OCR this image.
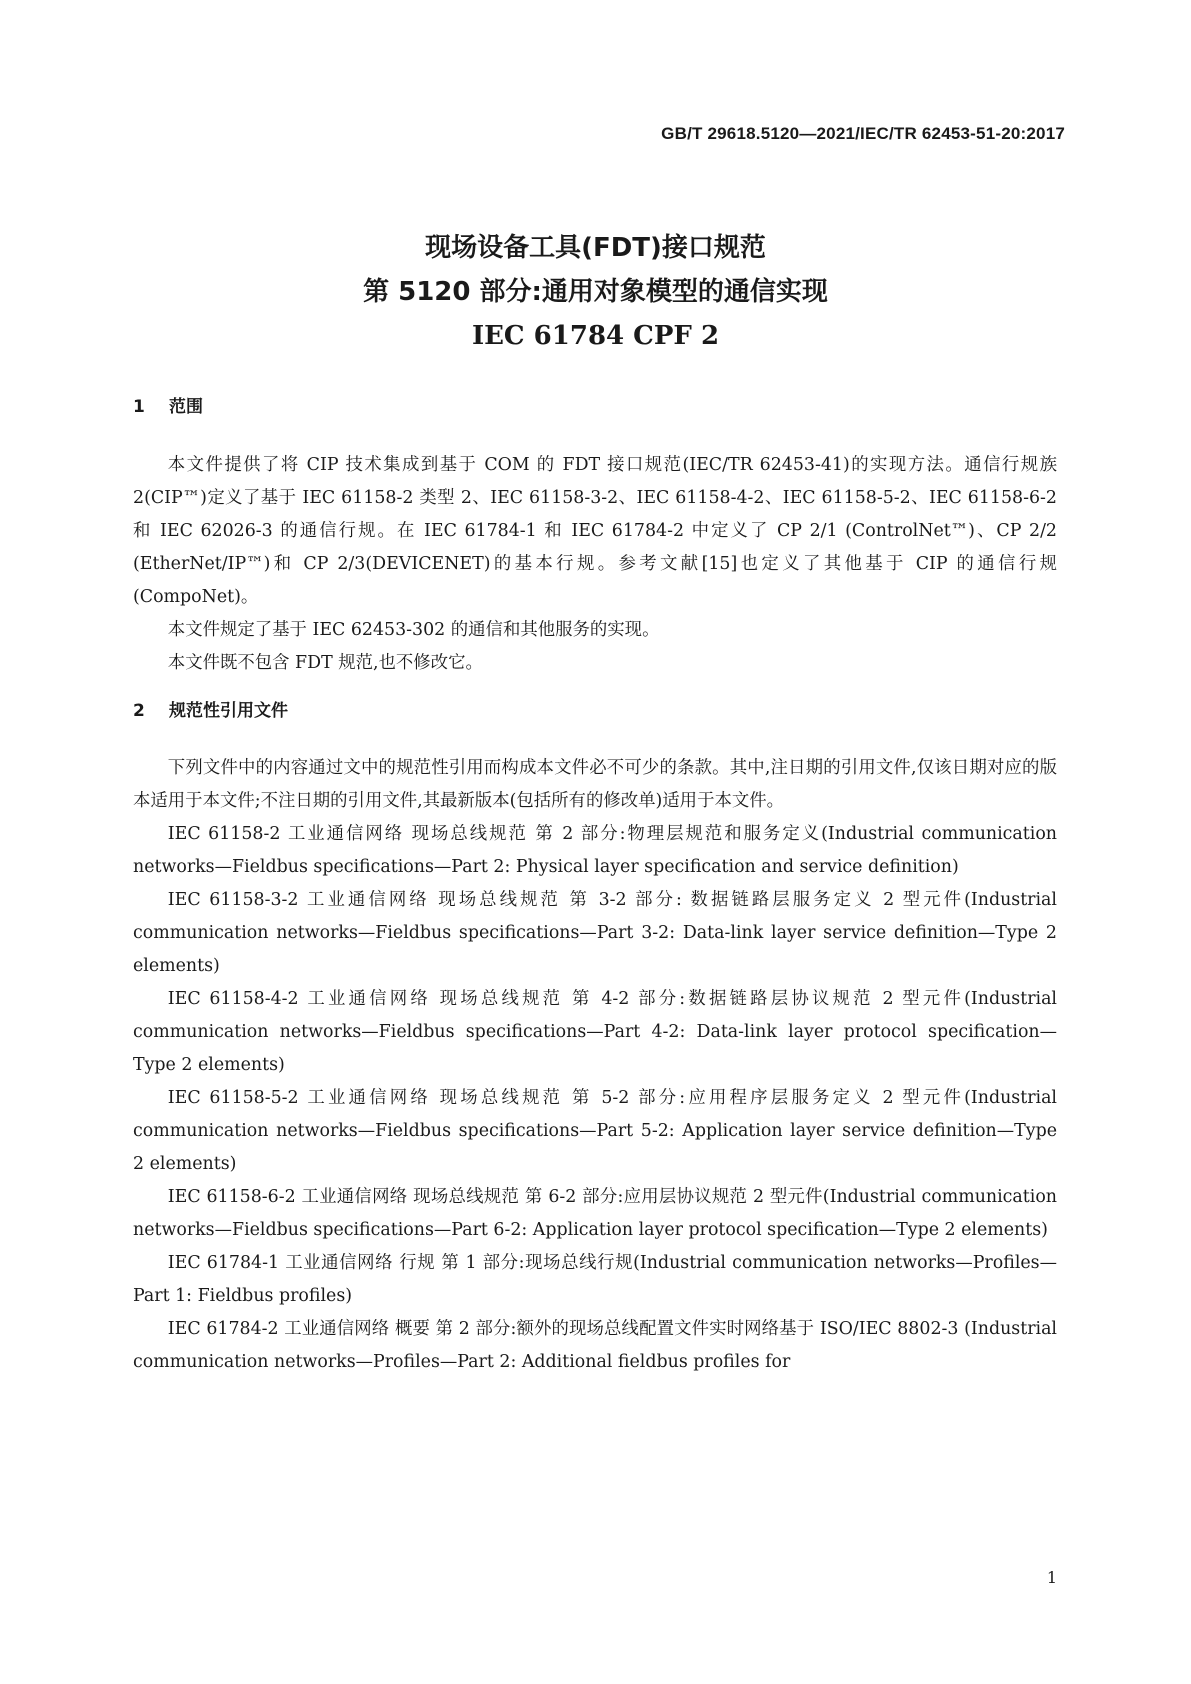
GB/T 29618.5120—2021/IEC/TR 62453-51-20:2017
现场设备工具(FDT)接口规范
第 5120 部分:通用对象模型的通信实现
IEC 61784 CPF 2
1 范围

本文件提供了将 CIP 技术集成到基于 COM 的 FDT 接口规范(IEC/TR 62453-41)的实现方法。通信行规族 2(CIP™)定义了基于 IEC 61158-2 类型 2、IEC 61158-3-2、IEC 61158-4-2、IEC 61158-5-2、IEC 61158-6-2 和 IEC 62026-3 的通信行规。在 IEC 61784-1 和 IEC 61784-2 中定义了 CP 2/1 (ControlNet™)、CP 2/2 (EtherNet/IP™)和 CP 2/3(DEVICENET)的基本行规。参考文献[15]也定义了其他基于 CIP 的通信行规(CompoNet)。

本文件规定了基于 IEC 62453-302 的通信和其他服务的实现。

本文件既不包含 FDT 规范,也不修改它。

2 规范性引用文件

下列文件中的内容通过文中的规范性引用而构成本文件必不可少的条款。其中,注日期的引用文件,仅该日期对应的版本适用于本文件;不注日期的引用文件,其最新版本(包括所有的修改单)适用于本文件。

IEC 61158-2 工业通信网络 现场总线规范 第 2 部分:物理层规范和服务定义(Industrial communication networks—Fieldbus specifications—Part 2: Physical layer specification and service definition)

IEC 61158-3-2 工业通信网络 现场总线规范 第 3-2 部分: 数据链路层服务定义 2 型元件(Industrial communication networks—Fieldbus specifications—Part 3-2: Data-link layer service definition—Type 2 elements)

IEC 61158-4-2 工业通信网络 现场总线规范 第 4-2 部分:数据链路层协议规范 2 型元件(Industrial communication networks—Fieldbus specifications—Part 4-2: Data-link layer protocol specification—Type 2 elements)

IEC 61158-5-2 工业通信网络 现场总线规范 第 5-2 部分:应用程序层服务定义 2 型元件(Industrial communication networks—Fieldbus specifications—Part 5-2: Application layer service definition—Type 2 elements)

IEC 61158-6-2 工业通信网络 现场总线规范 第 6-2 部分:应用层协议规范 2 型元件(Industrial communication networks—Fieldbus specifications—Part 6-2: Application layer protocol specification—Type 2 elements)

IEC 61784-1 工业通信网络 行规 第 1 部分:现场总线行规(Industrial communication networks—Profiles—Part 1: Fieldbus profiles)

IEC 61784-2 工业通信网络 概要 第 2 部分:额外的现场总线配置文件实时网络基于 ISO/IEC 8802-3 (Industrial communication networks—Profiles—Part 2: Additional fieldbus profiles for

1
